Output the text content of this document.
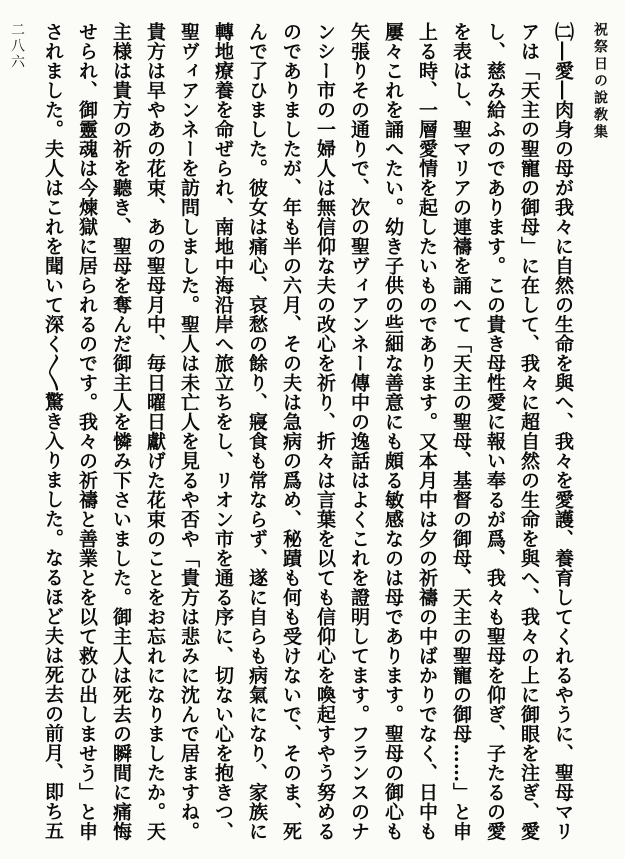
祝祭日の說敎集
二八六	㈡―愛―肉身の母が我々に自然の生命を與へ、我々を愛護、養育してくれるやうに、聖母マリアは「天主の聖寵の御母」に在して、我々に超自然の生命を與へ、我々の上に御眼を注ぎ、愛し、慈み給ふのであります。この貴き母性愛に報い奉るが爲、我々も聖母を仰ぎ、子たるの愛を表はし、聖マリアの連禱を誦へて「天主の聖母、基督の御母、天主の聖寵の御母……」と申上る時、一層愛情を起したいものであります。又本月中は夕の祈禱の中ばかりでなく、日中も屢々これを誦へたい。幼き子供の些細な善意にも頗る敏感なのは母であります。聖母の御心も矢張りその通りで、次の聖ヴィアンネー傳中の逸話はよくこれを證明してます。フランスのナンシー市の一婦人は無信仰な夫の改心を祈り、折々は言葉を以ても信仰心を喚起すやう努めるのでありましたが、年も半の六月、その夫は急病の爲め、秘蹟も何も受けないで、そのま、死んで了ひました。彼女は痛心、哀愁の餘り、寢食も常ならず、遂に自らも病氣になり、家族に轉地療養を命ぜられ、南地中海沿岸へ旅立ちをし、リオン市を通る序に、切ない心を抱きつ、聖ヴィアンネーを訪問しました。聖人は未亡人を見るや否や「貴方は悲みに沈んで居ますね。貴方は早やあの花束、あの聖母月中、毎日曜日獻げた花束のことをお忘れになりましたか。天主様は貴方の祈を聽き、聖母を奪んだ御主人を憐み下さいました。御主人は死去の瞬間に痛悔せられ、御靈魂は今煉獄に居られるのです。我々の祈禱と善業とを以て救ひ出しませう」と申されました。夫人はこれを聞いて深く〳〵驚き入りました。なるほど夫は死去の前月、即ち五
